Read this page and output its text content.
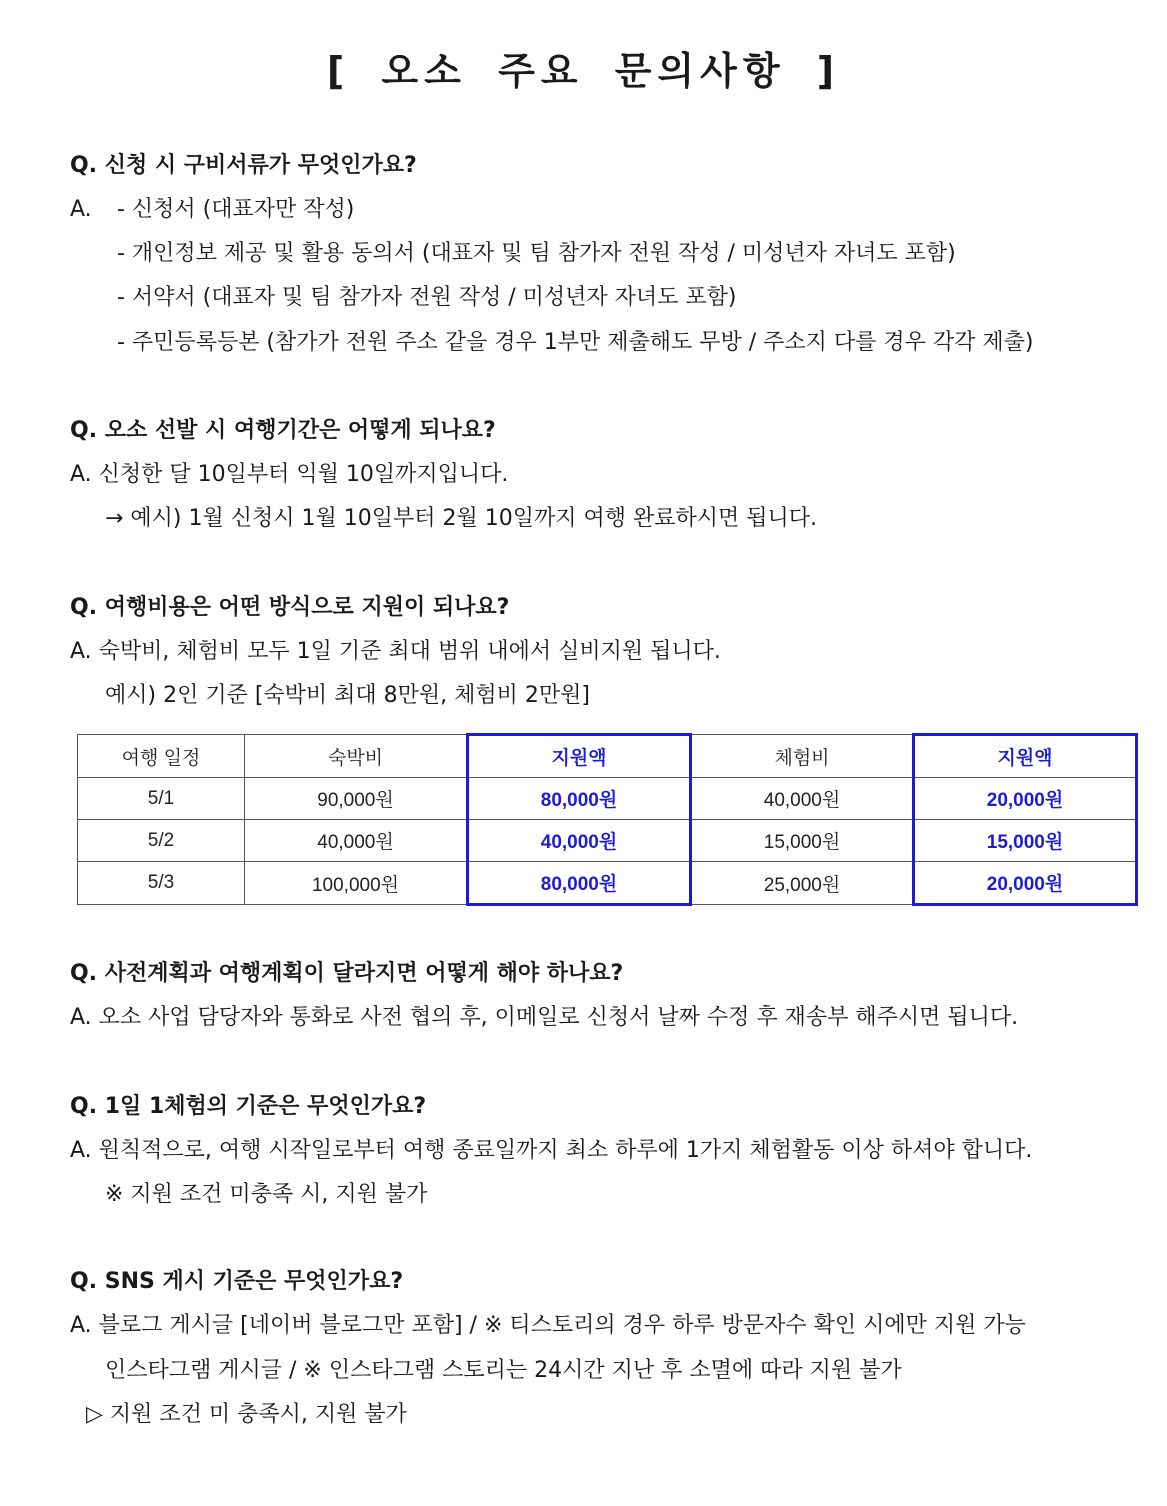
[ 오소 주요 문의사항 ]
Q. 신청 시 구비서류가 무엇인가요?
A. - 신청서 (대표자만 작성)
- 개인정보 제공 및 활용 동의서 (대표자 및 팀 참가자 전원 작성 / 미성년자 자녀도 포함)
- 서약서 (대표자 및 팀 참가자 전원 작성 / 미성년자 자녀도 포함)
- 주민등록등본 (참가가 전원 주소 같을 경우 1부만 제출해도 무방 / 주소지 다를 경우 각각 제출)
Q. 오소 선발 시 여행기간은 어떻게 되나요?
A. 신청한 달 10일부터 익월 10일까지입니다.
→ 예시) 1월 신청시 1월 10일부터 2월 10일까지 여행 완료하시면 됩니다.
Q. 여행비용은 어떤 방식으로 지원이 되나요?
A. 숙박비, 체험비 모두 1일 기준 최대 범위 내에서 실비지원 됩니다.
예시) 2인 기준 [숙박비 최대 8만원, 체험비 2만원]
여행 일정	숙박비	지원액	체험비	지원액
5/1	90,000원	80,000원	40,000원	20,000원
5/2	40,000원	40,000원	15,000원	15,000원
5/3	100,000원	80,000원	25,000원	20,000원
Q. 사전계획과 여행계획이 달라지면 어떻게 해야 하나요?
A. 오소 사업 담당자와 통화로 사전 협의 후, 이메일로 신청서 날짜 수정 후 재송부 해주시면 됩니다.
Q. 1일 1체험의 기준은 무엇인가요?
A. 원칙적으로, 여행 시작일로부터 여행 종료일까지 최소 하루에 1가지 체험활동 이상 하셔야 합니다.
※ 지원 조건 미충족 시, 지원 불가
Q. SNS 게시 기준은 무엇인가요?
A. 블로그 게시글 [네이버 블로그만 포함] / ※ 티스토리의 경우 하루 방문자수 확인 시에만 지원 가능
인스타그램 게시글 / ※ 인스타그램 스토리는 24시간 지난 후 소멸에 따라 지원 불가
▷ 지원 조건 미 충족시, 지원 불가
